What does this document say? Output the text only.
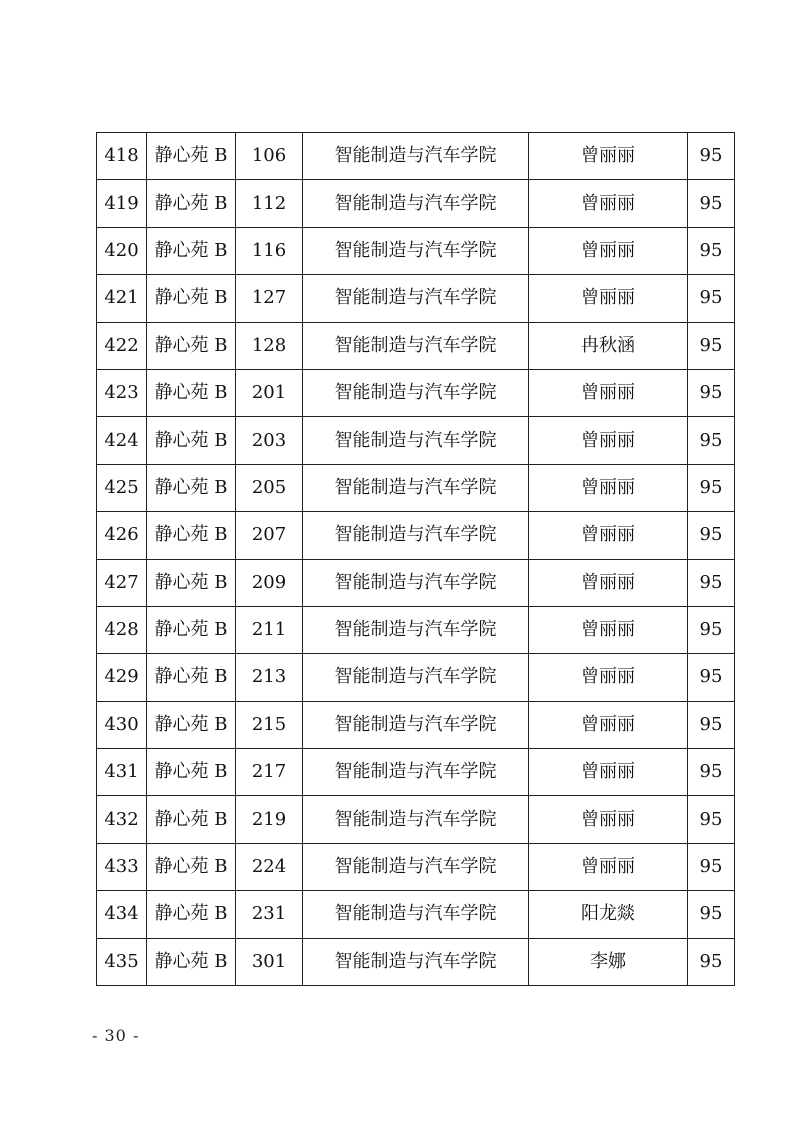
418	静心苑 B	106	智能制造与汽车学院	曾丽丽	95
419	静心苑 B	112	智能制造与汽车学院	曾丽丽	95
420	静心苑 B	116	智能制造与汽车学院	曾丽丽	95
421	静心苑 B	127	智能制造与汽车学院	曾丽丽	95
422	静心苑 B	128	智能制造与汽车学院	冉秋涵	95
423	静心苑 B	201	智能制造与汽车学院	曾丽丽	95
424	静心苑 B	203	智能制造与汽车学院	曾丽丽	95
425	静心苑 B	205	智能制造与汽车学院	曾丽丽	95
426	静心苑 B	207	智能制造与汽车学院	曾丽丽	95
427	静心苑 B	209	智能制造与汽车学院	曾丽丽	95
428	静心苑 B	211	智能制造与汽车学院	曾丽丽	95
429	静心苑 B	213	智能制造与汽车学院	曾丽丽	95
430	静心苑 B	215	智能制造与汽车学院	曾丽丽	95
431	静心苑 B	217	智能制造与汽车学院	曾丽丽	95
432	静心苑 B	219	智能制造与汽车学院	曾丽丽	95
433	静心苑 B	224	智能制造与汽车学院	曾丽丽	95
434	静心苑 B	231	智能制造与汽车学院	阳龙燚	95
435	静心苑 B	301	智能制造与汽车学院	李娜	95
- 30 -
